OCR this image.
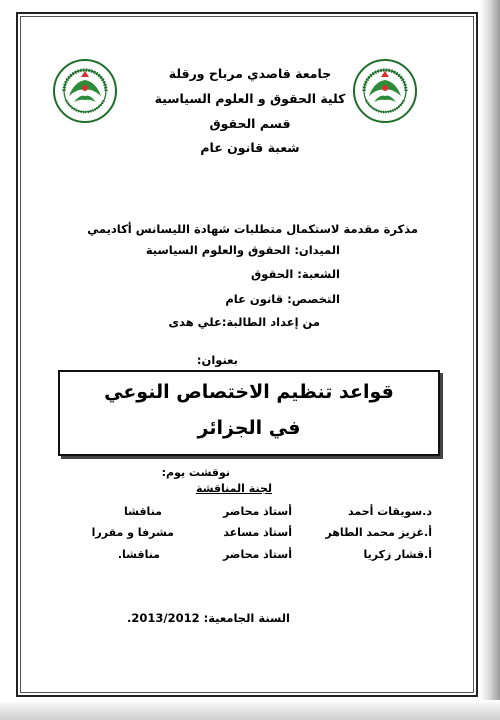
جامعة قاصدي مرباح ورقلة
كلية الحقوق و العلوم السياسية
قسم الحقوق
شعبة قانون عام
مذكرة مقدمة لاستكمال متطلبات شهادة الليسانس أكاديمي
الميدان: الحقوق والعلوم السياسية
الشعبة: الحقوق
التخصص: قانون عام
من إعداد الطالبة:علي هدى
بعنوان:
قواعد تنظيم الاختصاص النوعي
في الجزائر
نوقشت يوم:
لجنة المناقشة
د.سويقات أحمد
أستاذ محاضر
مناقشا
أ.غزيز محمد الطاهر
أستاذ مساعد
مشرفا و مقررا
أ.قشار زكريا
أستاذ محاضر
مناقشا.
السنة الجامعية: 2013/2012.
